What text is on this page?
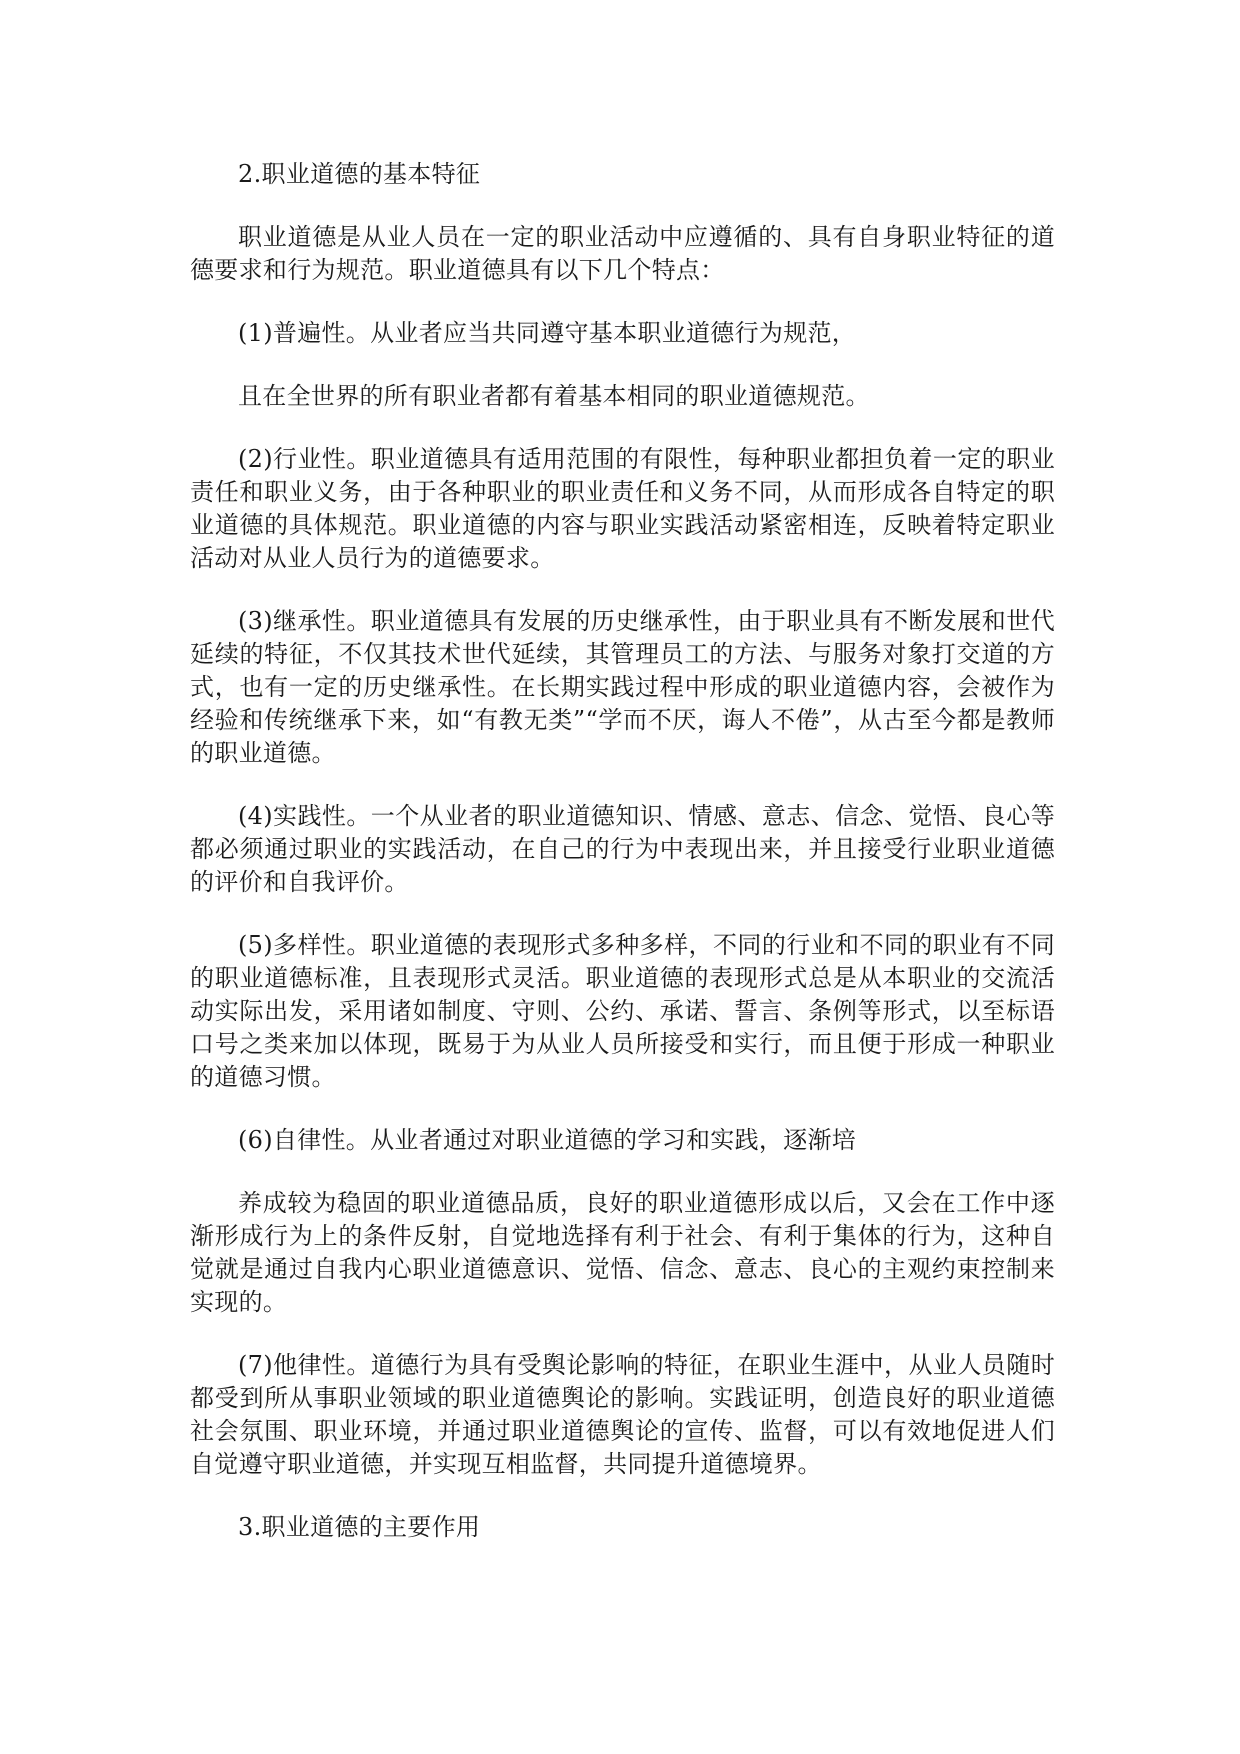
2.职业道德的基本特征

职业道德是从业人员在一定的职业活动中应遵循的、具有自身职业特征的道德要求和行为规范。职业道德具有以下几个特点：

(1)普遍性。从业者应当共同遵守基本职业道德行为规范，

且在全世界的所有职业者都有着基本相同的职业道德规范。

(2)行业性。职业道德具有适用范围的有限性，每种职业都担负着一定的职业责任和职业义务，由于各种职业的职业责任和义务不同，从而形成各自特定的职业道德的具体规范。职业道德的内容与职业实践活动紧密相连，反映着特定职业活动对从业人员行为的道德要求。

(3)继承性。职业道德具有发展的历史继承性，由于职业具有不断发展和世代延续的特征，不仅其技术世代延续，其管理员工的方法、与服务对象打交道的方式，也有一定的历史继承性。在长期实践过程中形成的职业道德内容，会被作为经验和传统继承下来，如“有教无类”“学而不厌，诲人不倦”，从古至今都是教师的职业道德。

(4)实践性。一个从业者的职业道德知识、情感、意志、信念、觉悟、良心等都必须通过职业的实践活动，在自己的行为中表现出来，并且接受行业职业道德的评价和自我评价。

(5)多样性。职业道德的表现形式多种多样，不同的行业和不同的职业有不同的职业道德标准，且表现形式灵活。职业道德的表现形式总是从本职业的交流活动实际出发，采用诸如制度、守则、公约、承诺、誓言、条例等形式，以至标语口号之类来加以体现，既易于为从业人员所接受和实行，而且便于形成一种职业的道德习惯。

(6)自律性。从业者通过对职业道德的学习和实践，逐渐培

养成较为稳固的职业道德品质，良好的职业道德形成以后，又会在工作中逐渐形成行为上的条件反射，自觉地选择有利于社会、有利于集体的行为，这种自觉就是通过自我内心职业道德意识、觉悟、信念、意志、良心的主观约束控制来实现的。

(7)他律性。道德行为具有受舆论影响的特征，在职业生涯中，从业人员随时都受到所从事职业领域的职业道德舆论的影响。实践证明，创造良好的职业道德社会氛围、职业环境，并通过职业道德舆论的宣传、监督，可以有效地促进人们自觉遵守职业道德，并实现互相监督，共同提升道德境界。

3.职业道德的主要作用
